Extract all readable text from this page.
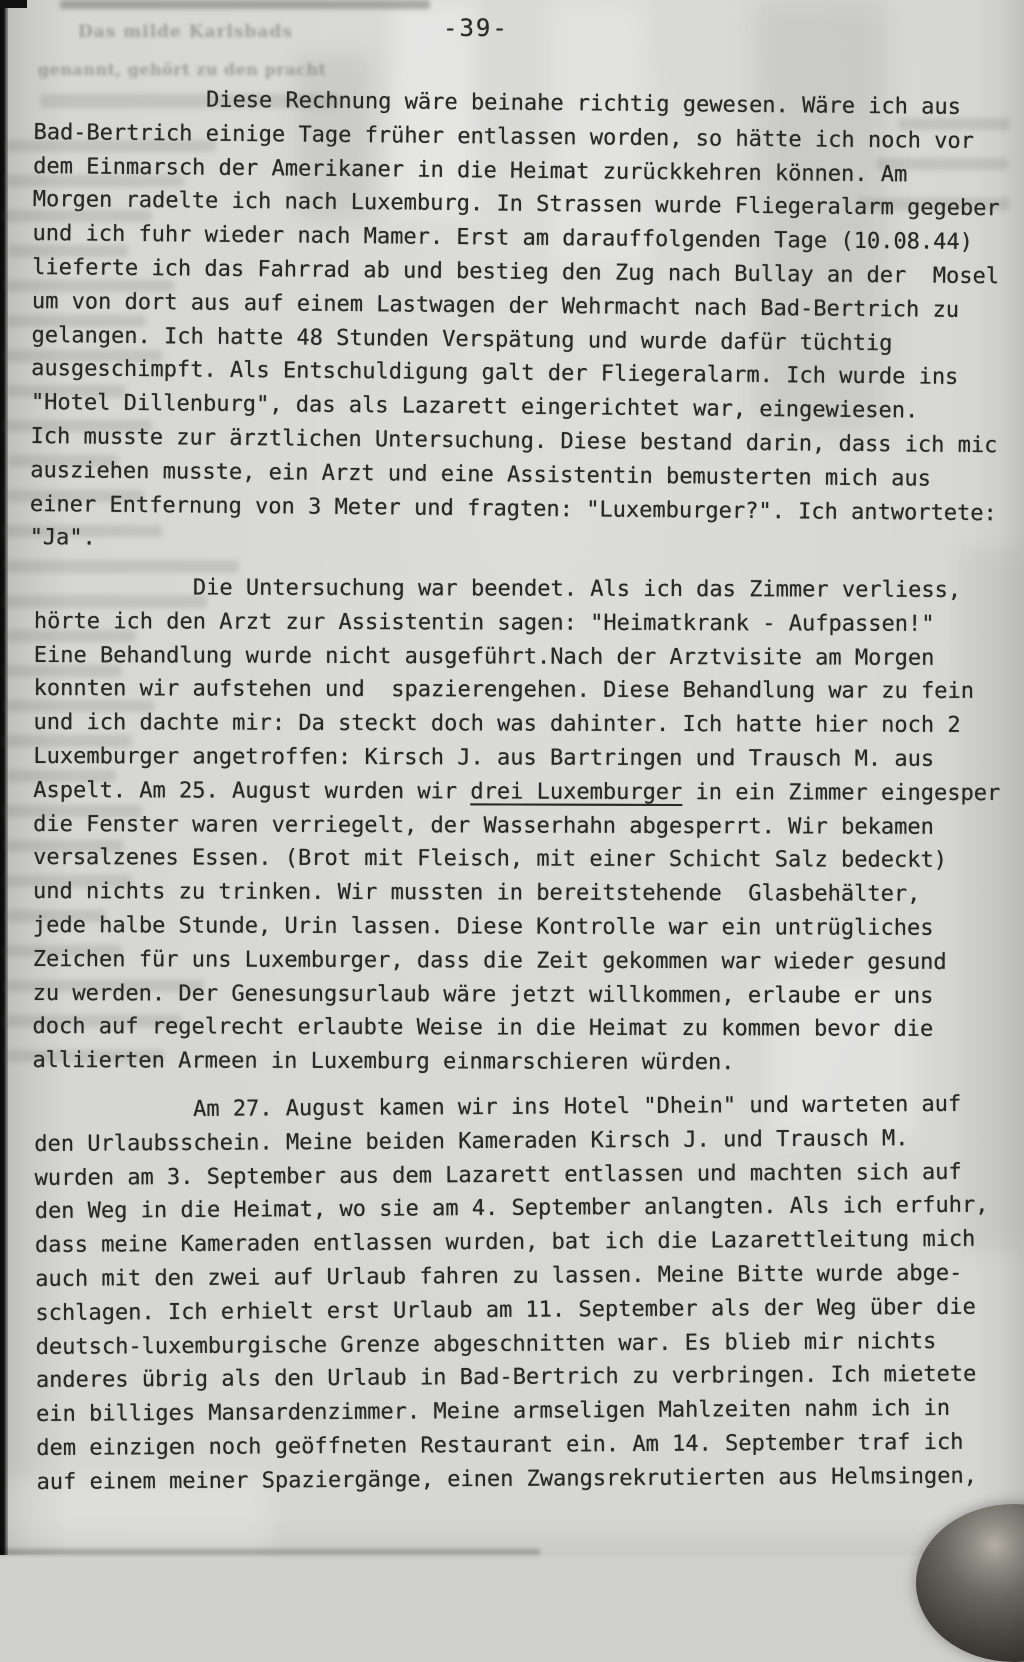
Das milde Karlsbads
genannt, gehört zu den pracht
-39-
Diese Rechnung wäre beinahe richtig gewesen. Wäre ich aus
Bad-Bertrich einige Tage früher entlassen worden, so hätte ich noch vor
dem Einmarsch der Amerikaner in die Heimat zurückkehren können. Am
Morgen radelte ich nach Luxemburg. In Strassen wurde Fliegeralarm gegeber
und ich fuhr wieder nach Mamer. Erst am darauffolgenden Tage (10.08.44)
lieferte ich das Fahrrad ab und bestieg den Zug nach Bullay an der  Mosel
um von dort aus auf einem Lastwagen der Wehrmacht nach Bad-Bertrich zu
gelangen. Ich hatte 48 Stunden Verspätung und wurde dafür tüchtig
ausgeschimpft. Als Entschuldigung galt der Fliegeralarm. Ich wurde ins
"Hotel Dillenburg", das als Lazarett eingerichtet war, eingewiesen.
Ich musste zur ärztlichen Untersuchung. Diese bestand darin, dass ich mic
ausziehen musste, ein Arzt und eine Assistentin bemusterten mich aus
einer Entfernung von 3 Meter und fragten: "Luxemburger?". Ich antwortete:
"Ja".
Die Untersuchung war beendet. Als ich das Zimmer verliess,
hörte ich den Arzt zur Assistentin sagen: "Heimatkrank - Aufpassen!"
Eine Behandlung wurde nicht ausgeführt.Nach der Arztvisite am Morgen
konnten wir aufstehen und  spazierengehen. Diese Behandlung war zu fein
und ich dachte mir: Da steckt doch was dahinter. Ich hatte hier noch 2
Luxemburger angetroffen: Kirsch J. aus Bartringen und Trausch M. aus
Aspelt. Am 25. August wurden wir drei Luxemburger in ein Zimmer eingesper
die Fenster waren verriegelt, der Wasserhahn abgesperrt. Wir bekamen
versalzenes Essen. (Brot mit Fleisch, mit einer Schicht Salz bedeckt)
und nichts zu trinken. Wir mussten in bereitstehende  Glasbehälter,
jede halbe Stunde, Urin lassen. Diese Kontrolle war ein untrügliches
Zeichen für uns Luxemburger, dass die Zeit gekommen war wieder gesund
zu werden. Der Genesungsurlaub wäre jetzt willkommen, erlaube er uns
doch auf regelrecht erlaubte Weise in die Heimat zu kommen bevor die
alliierten Armeen in Luxemburg einmarschieren würden.
Am 27. August kamen wir ins Hotel "Dhein" und warteten auf
den Urlaubsschein. Meine beiden Kameraden Kirsch J. und Trausch M.
wurden am 3. September aus dem Lazarett entlassen und machten sich auf
den Weg in die Heimat, wo sie am 4. September anlangten. Als ich erfuhr,
dass meine Kameraden entlassen wurden, bat ich die Lazarettleitung mich
auch mit den zwei auf Urlaub fahren zu lassen. Meine Bitte wurde abge-
schlagen. Ich erhielt erst Urlaub am 11. September als der Weg über die
deutsch-luxemburgische Grenze abgeschnitten war. Es blieb mir nichts
anderes übrig als den Urlaub in Bad-Bertrich zu verbringen. Ich mietete
ein billiges Mansardenzimmer. Meine armseligen Mahlzeiten nahm ich in
dem einzigen noch geöffneten Restaurant ein. Am 14. September traf ich
auf einem meiner Spaziergänge, einen Zwangsrekrutierten aus Helmsingen,
